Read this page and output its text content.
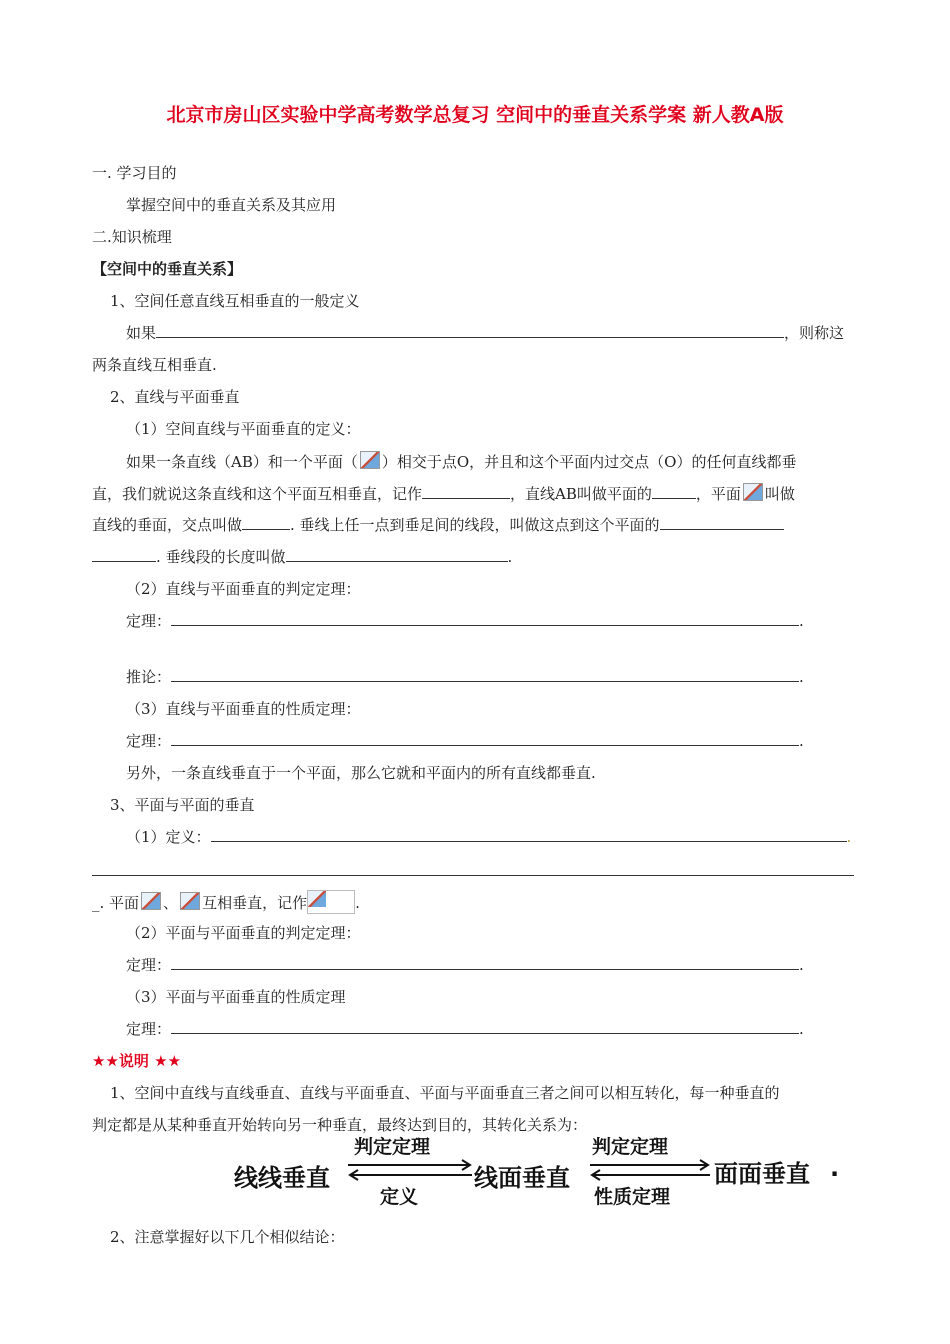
北京市房山区实验中学高考数学总复习 空间中的垂直关系学案 新人教A版
一. 学习目的
掌握空间中的垂直关系及其应用
二.知识梳理
【空间中的垂直关系】
1、空间任意直线互相垂直的一般定义
如果	，则称这
两条直线互相垂直.
2、直线与平面垂直
（1）空间直线与平面垂直的定义：
如果一条直线（AB）和一个平面（ ）相交于点O，并且和这个平面内过交点（O）的任何直线都垂
直，我们就说这条直线和这个平面互相垂直，记作	，直线AB叫做平面的	，平面 叫做
直线的垂面，交点叫做	. 垂线上任一点到垂足间的线段，叫做这点到这个平面的
. 垂线段的长度叫做	.
（2）直线与平面垂直的判定定理：
定理：	.
推论：	.
（3）直线与平面垂直的性质定理：
定理：	.
另外，一条直线垂直于一个平面，那么它就和平面内的所有直线都垂直.
3、平面与平面的垂直
（1）定义：	.
_. 平面 、 互相垂直，记作	.
（2）平面与平面垂直的判定定理：
定理：	.
（3）平面与平面垂直的性质定理
定理：	.
★★说明 ★★
1、空间中直线与直线垂直、直线与平面垂直、平面与平面垂直三者之间可以相互转化，每一种垂直的
判定都是从某种垂直开始转向另一种垂直，最终达到目的，其转化关系为：
线线垂直
判定定理
定义
线面垂直
判定定理
性质定理
面面垂直 .
2、注意掌握好以下几个相似结论：
